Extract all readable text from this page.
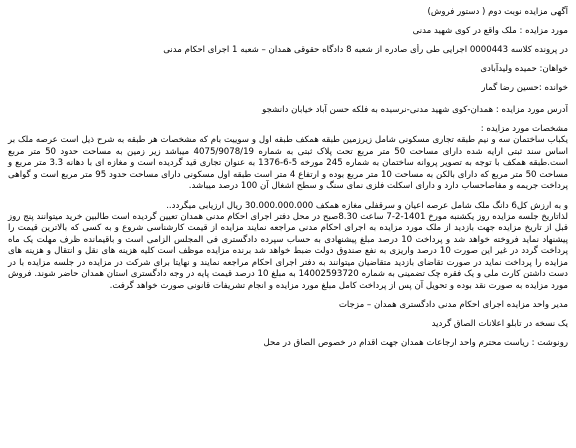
آگهی مزایده نوبت دوم ( دستور فروش)

مورد مزایده : ملک واقع در کوی شهید مدنی

در پرونده کلاسه 0000443 اجرایی طی رأی صادره از شعبه 8 دادگاه حقوقی همدان – شعبه 1 اجرای احکام مدنی

خواهان: حمیده ولیدآبادی

خوانده :حسین رضا گمار

آدرس مورد مزایده : همدان-کوی شهید مدنی-نرسیده به فلکه حسن آباد خیابان دانشجو

مشخصات مورد مزایده :

یکباب ساختمان سه و نیم طبقه تجاری مسکونی شامل زیرزمین طبقه همکف طبقه اول و سوییت بام که مشخصات هر طبقه به شرح ذیل است عرصه ملک بر اساس سند ثبتی ارایه شده دارای مساحت 50 متر مربع تحت پلاک ثبتی به شماره 4075/9078/19 میباشد زیر زمین به مساحت حدود 50 متر مربع است.طبقه همکف با توجه به تصویر پروانه ساختمان به شماره 245 مورخه 5-6-1376 به عنوان تجاری قید گردیده است و مغازه ای با دهانه 3.3 متر مربع و مساحت 50 متر مربع که دارای بالکن به مساحت 10 متر مربع بوده و ارتفاع 4 متر است طبقه اول مسکونی دارای مساحت حدود 95 متر مربع است و گواهی پرداخت جریمه و مفاصاحساب دارد و دارای اسکلت فلزی نمای سنگ و سطح اشغال آن 100 درصد میباشد.

و به ارزش کل6 دانگ ملک شامل عرصه اعیان و سرقفلی مغازه همکف 30.000.000.000 ریال ارزیابی میگردد..

لذاتاریخ جلسه مزایده روز یکشنبه مورخ 1401-2-7 ساعت 8.30صبح در محل دفتر اجرای احکام مدنی همدان تعیین گردیده است طالبین خرید میتوانند پنج روز قبل از تاریخ مزایده جهت بازدید از ملک مورد مزایده به اجرای احکام مدنی مراجعه نمایند مزایده از قیمت کارشناسی شروع و به کسی که بالاترین قیمت را پیشنهاد نماید فروخته خواهد شد و پرداخت 10 درصد مبلغ پیشنهادی به حساب سپرده دادگستری فی المجلس الزامی است و باقیمانده ظرف مهلت یک ماه پرداخت گردد در غیر این صورت 10 درصد واریزی به نفع صندوق دولت ضبط خواهد شد برنده مزایده موظف است کلیه هزینه های نقل و انتقال و هزینه های مزایده را پرداخت نماید در صورت تقاضای بازدید متقاضیان میتوانند به دفتر اجرای احکام مراجعه نمایند و نهایتا برای شرکت در مزایده در جلسه مزایده با در دست داشتن کارت ملی و یک فقره چک تضمینی به شماره 14002593720 به مبلغ 10 درصد قیمت پایه در وجه دادگستری استان همدان حاضر شوند. فروش مورد مزایده به صورت نقد بوده و تحویل آن پس از پرداخت کامل مبلغ مورد مزایده و انجام تشریفات قانونی صورت خواهد گرفت.

مدیر واحد مزایده اجرای احکام مدنی دادگستری همدان – مزجات

یک نسخه در تابلو اعلانات الصاق گردید

رونوشت : ریاست محترم واحد ارجاعات همدان جهت اقدام در خصوص الصاق در محل
